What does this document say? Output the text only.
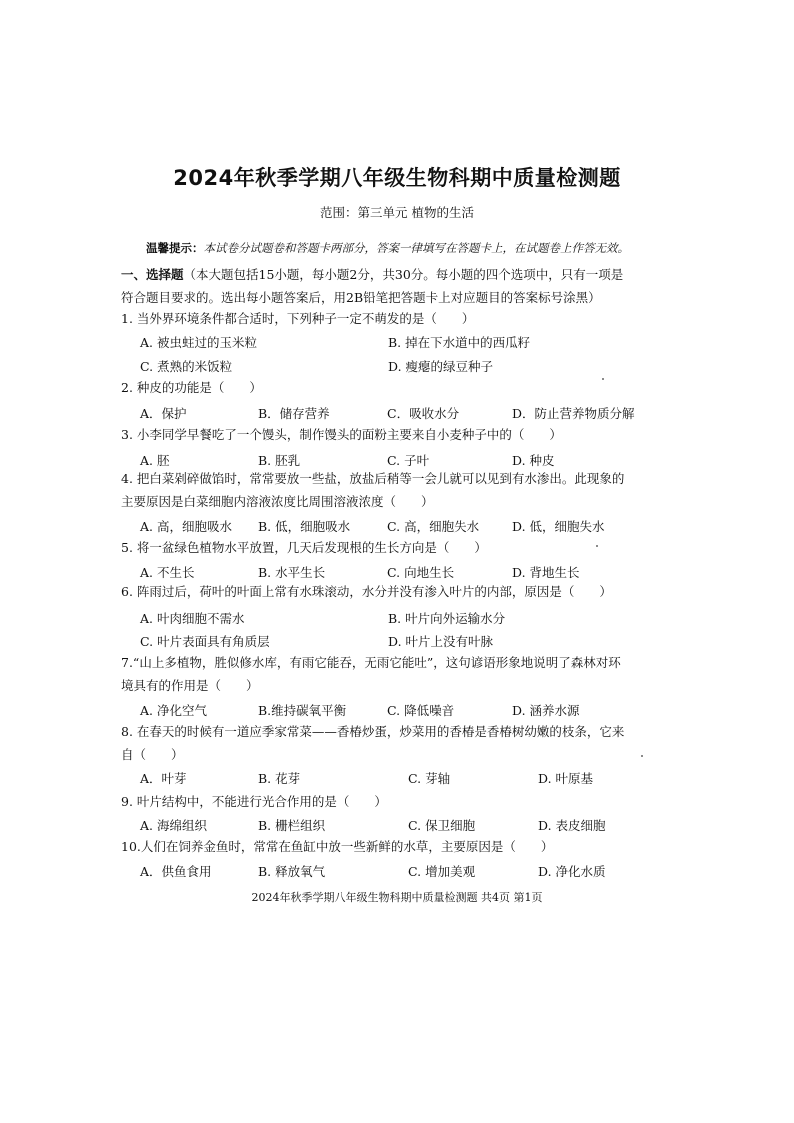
2024年秋季学期八年级生物科期中质量检测题
范围：第三单元 植物的生活
温馨提示：本试卷分试题卷和答题卡两部分，答案一律填写在答题卡上，在试题卷上作答无效。
一、选择题（本大题包括15小题，每小题2分，共30分。每小题的四个选项中，只有一项是符合题目要求的。选出每小题答案后，用2B铅笔把答题卡上对应题目的答案标号涂黑）
1. 当外界环境条件都合适时，下列种子一定不萌发的是（　　）
A. 被虫蛀过的玉米粒	B. 掉在下水道中的西瓜籽
C. 煮熟的米饭粒	D. 瘦瘪的绿豆种子
2. 种皮的功能是（　　）
A．保护	B．储存营养	C．吸收水分	D．防止营养物质分解
3. 小李同学早餐吃了一个馒头，制作馒头的面粉主要来自小麦种子中的（　　）
A. 胚	B. 胚乳	C. 子叶	D. 种皮
4. 把白菜剁碎做馅时，常常要放一些盐，放盐后稍等一会儿就可以见到有水渗出。此现象的主要原因是白菜细胞内溶液浓度比周围溶液浓度（　　）
A. 高，细胞吸水 B. 低，细胞吸水	C. 高，细胞失水	D. 低，细胞失水
5. 将一盆绿色植物水平放置，几天后发现根的生长方向是（　　）
A. 不生长	B. 水平生长	C. 向地生长	D. 背地生长
6. 阵雨过后，荷叶的叶面上常有水珠滚动，水分并没有渗入叶片的内部，原因是（　　）
A. 叶肉细胞不需水	B. 叶片向外运输水分
C. 叶片表面具有角质层	D. 叶片上没有叶脉
7.“山上多植物，胜似修水库，有雨它能吞，无雨它能吐”，这句谚语形象地说明了森林对环境具有的作用是（　　）
A. 净化空气	B.维持碳氧平衡	C. 降低噪音	D. 涵养水源
8. 在春天的时候有一道应季家常菜——香椿炒蛋，炒菜用的香椿是香椿树幼嫩的枝条，它来自（　　）
A．叶芽	B. 花芽	C. 芽轴	D. 叶原基
9. 叶片结构中，不能进行光合作用的是（　　）
A. 海绵组织	B. 栅栏组织	C. 保卫细胞	D. 表皮细胞
10.人们在饲养金鱼时，常常在鱼缸中放一些新鲜的水草，主要原因是（　　）
A．供鱼食用	B. 释放氧气	C. 增加美观	D. 净化水质
2024年秋季学期八年级生物科期中质量检测题 共4页 第1页
